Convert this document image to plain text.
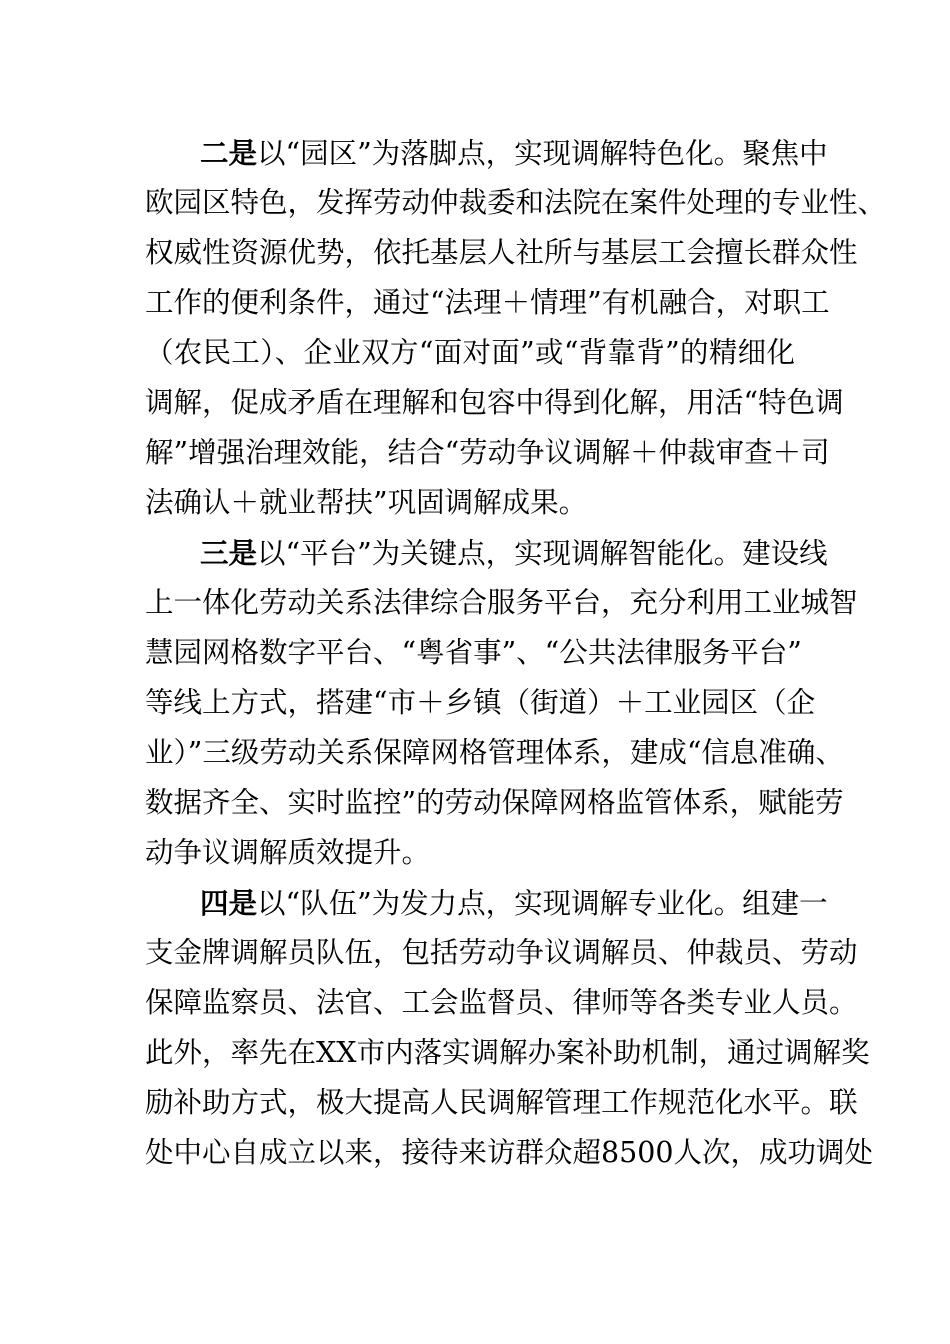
二是以“园区”为落脚点，实现调解特色化。聚焦中
欧园区特色，发挥劳动仲裁委和法院在案件处理的专业性、
权威性资源优势，依托基层人社所与基层工会擅长群众性
工作的便利条件，通过“法理＋情理”有机融合，对职工
（农民工）、企业双方“面对面”或“背靠背”的精细化
调解，促成矛盾在理解和包容中得到化解，用活“特色调
解”增强治理效能，结合“劳动争议调解＋仲裁审查＋司
法确认＋就业帮扶”巩固调解成果。
三是以“平台”为关键点，实现调解智能化。建设线
上一体化劳动关系法律综合服务平台，充分利用工业城智
慧园网格数字平台、“粤省事”、“公共法律服务平台”
等线上方式，搭建“市＋乡镇（街道）＋工业园区（企
业）”三级劳动关系保障网格管理体系，建成“信息准确、
数据齐全、实时监控”的劳动保障网格监管体系，赋能劳
动争议调解质效提升。
四是以“队伍”为发力点，实现调解专业化。组建一
支金牌调解员队伍，包括劳动争议调解员、仲裁员、劳动
保障监察员、法官、工会监督员、律师等各类专业人员。
此外，率先在XX市内落实调解办案补助机制，通过调解奖
励补助方式，极大提高人民调解管理工作规范化水平。联
处中心自成立以来，接待来访群众超8500人次，成功调处
